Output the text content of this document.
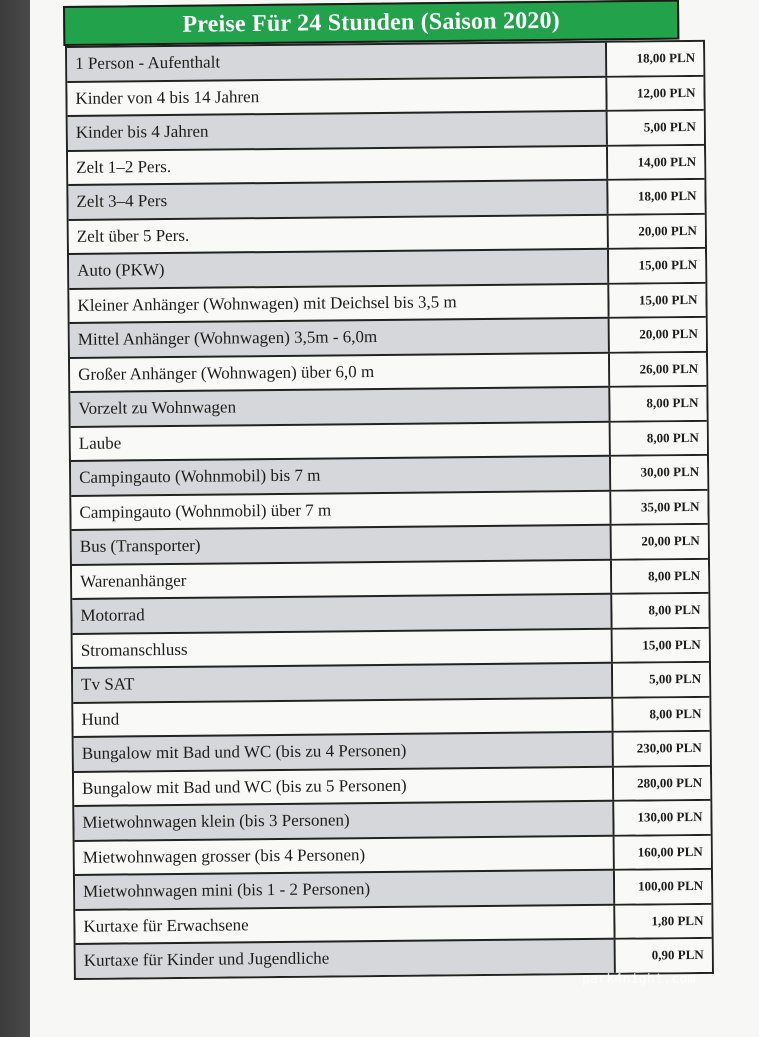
Preise Für 24 Stunden (Saison 2020)
1 Person - Aufenthalt	18,00 PLN
Kinder von 4 bis 14 Jahren	12,00 PLN
Kinder bis 4 Jahren	5,00 PLN
Zelt 1–2 Pers.	14,00 PLN
Zelt 3–4 Pers	18,00 PLN
Zelt über 5 Pers.	20,00 PLN
Auto (PKW)	15,00 PLN
Kleiner Anhänger (Wohnwagen) mit Deichsel bis 3,5 m	15,00 PLN
Mittel Anhänger (Wohnwagen) 3,5m - 6,0m	20,00 PLN
Großer Anhänger (Wohnwagen) über 6,0 m	26,00 PLN
Vorzelt zu Wohnwagen	8,00 PLN
Laube	8,00 PLN
Campingauto (Wohnmobil) bis 7 m	30,00 PLN
Campingauto (Wohnmobil) über 7 m	35,00 PLN
Bus (Transporter)	20,00 PLN
Warenanhänger	8,00 PLN
Motorrad	8,00 PLN
Stromanschluss	15,00 PLN
Tv SAT	5,00 PLN
Hund	8,00 PLN
Bungalow mit Bad und WC (bis zu 4 Personen)	230,00 PLN
Bungalow mit Bad und WC (bis zu 5 Personen)	280,00 PLN
Mietwohnwagen klein (bis 3 Personen)	130,00 PLN
Mietwohnwagen grosser (bis 4 Personen)	160,00 PLN
Mietwohnwagen mini (bis 1 - 2 Personen)	100,00 PLN
Kurtaxe für Erwachsene	1,80 PLN
Kurtaxe für Kinder und Jugendliche	0,90 PLN
park4night.com
